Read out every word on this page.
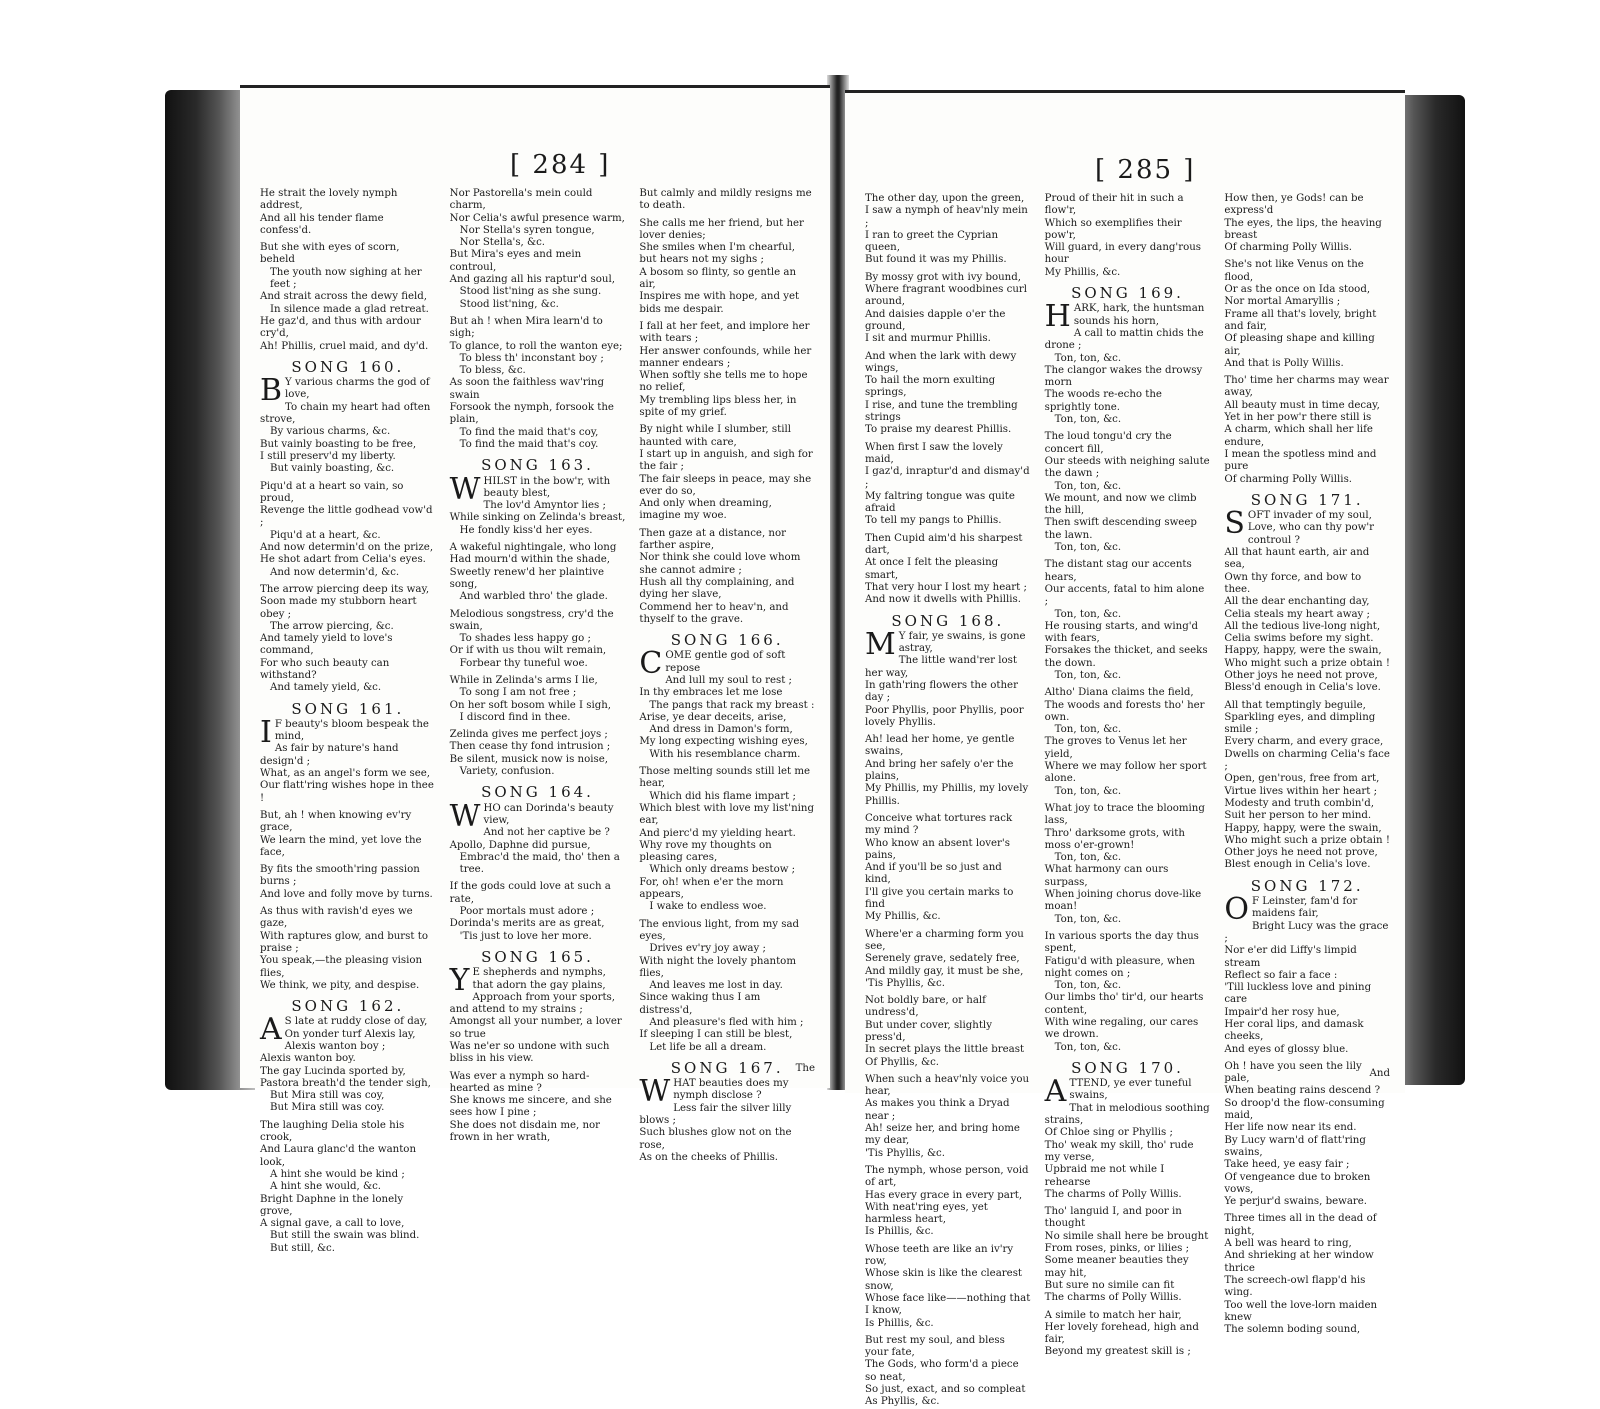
[ 284 ]

He strait the lovely nymph addrest,

And all his tender flame confess'd.

But she with eyes of scorn, beheld

The youth now sighing at her feet ;

And strait across the dewy field,

In silence made a glad retreat.

He gaz'd, and thus with ardour cry'd,

Ah! Phillis, cruel maid, and dy'd.

SONG 160.

B Y various charms the god of love,

To chain my heart had often strove,

By various charms, &c.

But vainly boasting to be free,

I still preserv'd my liberty.

But vainly boasting, &c.

Piqu'd at a heart so vain, so proud,

Revenge the little godhead vow'd ;

Piqu'd at a heart, &c.

And now determin'd on the prize,

He shot adart from Celia's eyes.

And now determin'd, &c.

The arrow piercing deep its way,

Soon made my stubborn heart obey ;

The arrow piercing, &c.

And tamely yield to love's command,

For who such beauty can withstand?

And tamely yield, &c.

SONG 161.

I F beauty's bloom bespeak the mind,

As fair by nature's hand design'd ;

What, as an angel's form we see,

Our flatt'ring wishes hope in thee !

But, ah ! when knowing ev'ry grace,

We learn the mind, yet love the face,

By fits the smooth'ring passion burns ;

And love and folly move by turns.

As thus with ravish'd eyes we gaze,

With raptures glow, and burst to praise ;

You speak,—the pleasing vision flies,

We think, we pity, and despise.

SONG 162.

A S late at ruddy close of day,

On yonder turf Alexis lay,

Alexis wanton boy ;

Alexis wanton boy.

The gay Lucinda sported by,

Pastora breath'd the tender sigh,

But Mira still was coy,

But Mira still was coy.

The laughing Delia stole his crook,

And Laura glanc'd the wanton look,

A hint she would be kind ;

A hint she would, &c.

Bright Daphne in the lonely grove,

A signal gave, a call to love,

But still the swain was blind.

But still, &c.

Nor Pastorella's mein could charm,

Nor Celia's awful presence warm,

Nor Stella's syren tongue,

Nor Stella's, &c.

But Mira's eyes and mein controul,

And gazing all his raptur'd soul,

Stood list'ning as she sung.

Stood list'ning, &c.

But ah ! when Mira learn'd to sigh;

To glance, to roll the wanton eye;

To bless th' inconstant boy ;

To bless, &c.

As soon the faithless wav'ring swain

Forsook the nymph, forsook the plain,

To find the maid that's coy,

To find the maid that's coy.

SONG 163.

WHILST in the bow'r, with beauty blest,

The lov'd Amyntor lies ;

While sinking on Zelinda's breast,

He fondly kiss'd her eyes.

A wakeful nightingale, who long

Had mourn'd within the shade,

Sweetly renew'd her plaintive song,

And warbled thro' the glade.

Melodious songstress, cry'd the swain,

To shades less happy go ;

Or if with us thou wilt remain,

Forbear thy tuneful woe.

While in Zelinda's arms I lie,

To song I am not free ;

On her soft bosom while I sigh,

I discord find in thee.

Zelinda gives me perfect joys ;

Then cease thy fond intrusion ;

Be silent, musick now is noise,

Variety, confusion.

SONG 164.

WHO can Dorinda's beauty view,

And not her captive be ?

Apollo, Daphne did pursue,

Embrac'd the maid, tho' then a tree.

If the gods could love at such a rate,

Poor mortals must adore ;

Dorinda's merits are as great,

'Tis just to love her more.

SONG 165.

Y E shepherds and nymphs, that adorn the gay plains,

Approach from your sports, and attend to my strains ;

Amongst all your number, a lover so true

Was ne'er so undone with such bliss in his view.

Was ever a nymph so hard-hearted as mine ?

She knows me sincere, and she sees how I pine ;

She does not disdain me, nor frown in her wrath,

But calmly and mildly resigns me to death.

She calls me her friend, but her lover denies;

She smiles when I'm chearful, but hears not my sighs ;

A bosom so flinty, so gentle an air,

Inspires me with hope, and yet bids me despair.

I fall at her feet, and implore her with tears ;

Her answer confounds, while her manner endears ;

When softly she tells me to hope no relief,

My trembling lips bless her, in spite of my grief.

By night while I slumber, still haunted with care,

I start up in anguish, and sigh for the fair ;

The fair sleeps in peace, may she ever do so,

And only when dreaming, imagine my woe.

Then gaze at a distance, nor farther aspire,

Nor think she could love whom she cannot admire ;

Hush all thy complaining, and dying her slave,

Commend her to heav'n, and thyself to the grave.

SONG 166.

COME gentle god of soft repose

And lull my soul to rest ;

In thy embraces let me lose

The pangs that rack my breast :

Arise, ye dear deceits, arise,

And dress in Damon's form,

My long expecting wishing eyes,

With his resemblance charm.

Those melting sounds still let me hear,

Which did his flame impart ;

Which blest with love my list'ning ear,

And pierc'd my yielding heart.

Why rove my thoughts on pleasing cares,

Which only dreams bestow ;

For, oh! when e'er the morn appears,

I wake to endless woe.

The envious light, from my sad eyes,

Drives ev'ry joy away ;

With night the lovely phantom flies,

And leaves me lost in day.

Since waking thus I am distress'd,

And pleasure's fled with him ;

If sleeping I can still be blest,

Let life be all a dream.

SONG 167.

WHAT beauties does my nymph disclose ?

Less fair the silver lilly blows ;

Such blushes glow not on the rose,

As on the cheeks of Phillis.

The
[ 285 ]

The other day, upon the green,

I saw a nymph of heav'nly mein ;

I ran to greet the Cyprian queen,

But found it was my Phillis.

By mossy grot with ivy bound,

Where fragrant woodbines curl around,

And daisies dapple o'er the ground,

I sit and murmur Phillis.

And when the lark with dewy wings,

To hail the morn exulting springs,

I rise, and tune the trembling strings

To praise my dearest Phillis.

When first I saw the lovely maid,

I gaz'd, inraptur'd and dismay'd ;

My faltring tongue was quite afraid

To tell my pangs to Phillis.

Then Cupid aim'd his sharpest dart,

At once I felt the pleasing smart,

That very hour I lost my heart ;

And now it dwells with Phillis.

SONG 168.

M Y fair, ye swains, is gone astray,

The little wand'rer lost her way,

In gath'ring flowers the other day ;

Poor Phyllis, poor Phyllis, poor lovely Phyllis.

Ah! lead her home, ye gentle swains,

And bring her safely o'er the plains,

My Phillis, my Phillis, my lovely Phillis.

Conceive what tortures rack my mind ?

Who know an absent lover's pains,

And if you'll be so just and kind,

I'll give you certain marks to find

My Phillis, &c.

Where'er a charming form you see,

Serenely grave, sedately free,

And mildly gay, it must be she,

'Tis Phyllis, &c.

Not boldly bare, or half undress'd,

But under cover, slightly press'd,

In secret plays the little breast

Of Phyllis, &c.

When such a heav'nly voice you hear,

As makes you think a Dryad near ;

Ah! seize her, and bring home my dear,

'Tis Phyllis, &c.

The nymph, whose person, void of art,

Has every grace in every part,

With neat'ring eyes, yet harmless heart,

Is Phillis, &c.

Whose teeth are like an iv'ry row,

Whose skin is like the clearest snow,

Whose face like——nothing that I know,

Is Phillis, &c.

But rest my soul, and bless your fate,

The Gods, who form'd a piece so neat,

So just, exact, and so compleat

As Phyllis, &c.

Proud of their hit in such a flow'r,

Which so exemplifies their pow'r,

Will guard, in every dang'rous hour

My Phillis, &c.

SONG 169.

HARK, hark, the huntsman sounds his horn,

A call to mattin chids the drone ;

Ton, ton, &c.

The clangor wakes the drowsy morn

The woods re-echo the sprightly tone.

Ton, ton, &c.

The loud tongu'd cry the concert fill,

Our steeds with neighing salute the dawn ;

Ton, ton, &c.

We mount, and now we climb the hill,

Then swift descending sweep the lawn.

Ton, ton, &c.

The distant stag our accents hears,

Our accents, fatal to him alone ;

Ton, ton, &c.

He rousing starts, and wing'd with fears,

Forsakes the thicket, and seeks the down.

Ton, ton, &c.

Altho' Diana claims the field,

The woods and forests tho' her own.

Ton, ton, &c.

The groves to Venus let her yield,

Where we may follow her sport alone.

Ton, ton, &c.

What joy to trace the blooming lass,

Thro' darksome grots, with moss o'er-grown!

Ton, ton, &c.

What harmony can ours surpass,

When joining chorus dove-like moan!

Ton, ton, &c.

In various sports the day thus spent,

Fatigu'd with pleasure, when night comes on ;

Ton, ton, &c.

Our limbs tho' tir'd, our hearts content,

With wine regaling, our cares we drown.

Ton, ton, &c.

SONG 170.

ATTEND, ye ever tuneful swains,

That in melodious soothing strains,

Of Chloe sing or Phyllis ;

Tho' weak my skill, tho' rude my verse,

Upbraid me not while I rehearse

The charms of Polly Willis.

Tho' languid I, and poor in thought

No simile shall here be brought

From roses, pinks, or lilies ;

Some meaner beauties they may hit,

But sure no simile can fit

The charms of Polly Willis.

A simile to match her hair,

Her lovely forehead, high and fair,

Beyond my greatest skill is ;

How then, ye Gods! can be express'd

The eyes, the lips, the heaving breast

Of charming Polly Willis.

She's not like Venus on the flood,

Or as the once on Ida stood,

Nor mortal Amaryllis ;

Frame all that's lovely, bright and fair,

Of pleasing shape and killing air,

And that is Polly Willis.

Tho' time her charms may wear away,

All beauty must in time decay,

Yet in her pow'r there still is

A charm, which shall her life endure,

I mean the spotless mind and pure

Of charming Polly Willis.

SONG 171.

SOFT invader of my soul,

Love, who can thy pow'r controul ?

All that haunt earth, air and sea,

Own thy force, and bow to thee.

All the dear enchanting day,

Celia steals my heart away ;

All the tedious live-long night,

Celia swims before my sight.

Happy, happy, were the swain,

Who might such a prize obtain !

Other joys he need not prove,

Bless'd enough in Celia's love.

All that temptingly beguile,

Sparkling eyes, and dimpling smile ;

Every charm, and every grace,

Dwells on charming Celia's face ;

Open, gen'rous, free from art,

Virtue lives within her heart ;

Modesty and truth combin'd,

Suit her person to her mind.

Happy, happy, were the swain,

Who might such a prize obtain !

Other joys he need not prove,

Blest enough in Celia's love.

SONG 172.

O F Leinster, fam'd for maidens fair,

Bright Lucy was the grace ;

Nor e'er did Liffy's limpid stream

Reflect so fair a face :

'Till luckless love and pining care

Impair'd her rosy hue,

Her coral lips, and damask cheeks,

And eyes of glossy blue.

Oh ! have you seen the lily pale,

When beating rains descend ?

So droop'd the flow-consuming maid,

Her life now near its end.

By Lucy warn'd of flatt'ring swains,

Take heed, ye easy fair ;

Of vengeance due to broken vows,

Ye perjur'd swains, beware.

Three times all in the dead of night,

A bell was heard to ring,

And shrieking at her window thrice

The screech-owl flapp'd his wing.

Too well the love-lorn maiden knew

The solemn boding sound,

And
